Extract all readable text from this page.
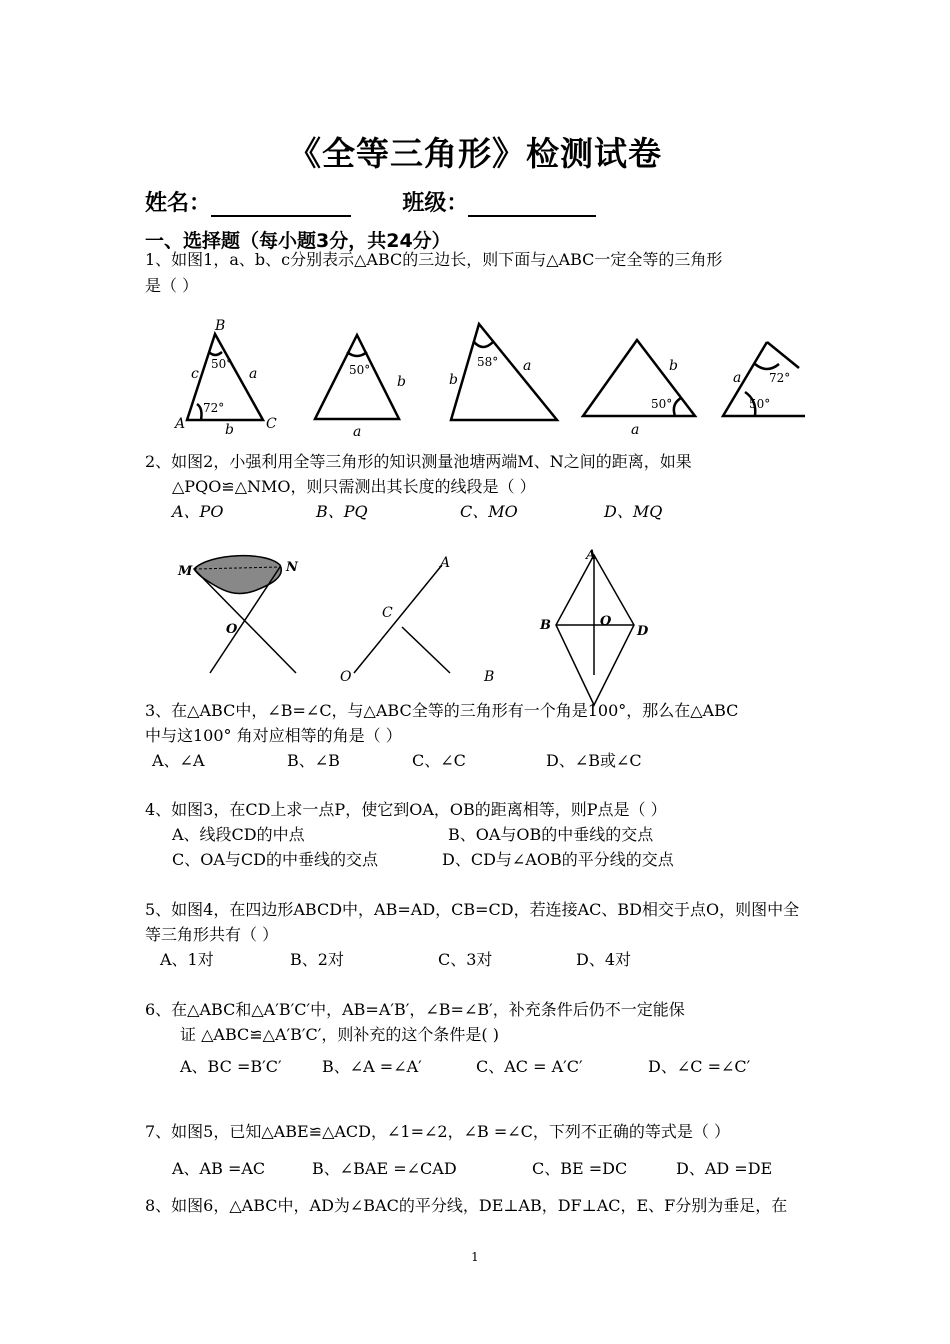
《全等三角形》检测试卷
姓名：	班级：
一、选择题（每小题3分，共24分）
1、如图1，a、b、c分别表示△ABC的三边长，则下面与△ABC一定全等的三角形
是（ ）
B
A	C
c	a
b
b
a
b
a	b
a
a
50°
72°
50°
58°
50°
72°
50°
2、如图2，小强利用全等三角形的知识测量池塘两端M、N之间的距离，如果
△PQO≌△NMO，则只需测出其长度的线段是（ ）
A、PO	B、PQ	C、MO	D、MQ
M	N
O	B	D
O
A
A
C
O	B
3、在△ABC中，∠B=∠C，与△ABC全等的三角形有一个角是100°，那么在△ABC
中与这100° 角对应相等的角是（ ）
A、∠A	B、∠B	C、∠C	D、∠B或∠C
4、如图3，在CD上求一点P，使它到OA，OB的距离相等，则P点是（ ）
A、线段CD的中点	B、OA与OB的中垂线的交点
C、OA与CD的中垂线的交点	D、CD与∠AOB的平分线的交点
5、如图4，在四边形ABCD中，AB=AD，CB=CD，若连接AC、BD相交于点O，则图中全
等三角形共有（ ）
A、1对	B、2对	C、3对	D、4对
6、在△ABC和△A′B′C′中，AB=A′B′，∠B=∠B′，补充条件后仍不一定能保
证 △ABC≌△A′B′C′，则补充的这个条件是( )
A、BC =B′C′	B、∠A =∠A′	C、AC = A′C′	D、∠C =∠C′
7、如图5，已知△ABE≌△ACD，∠1=∠2，∠B =∠C，下列不正确的等式是（ ）
A、AB =AC	B、∠BAE =∠CAD	C、BE =DC	D、AD =DE
8、如图6，△ABC中，AD为∠BAC的平分线，DE⊥AB，DF⊥AC，E、F分别为垂足，在
1
